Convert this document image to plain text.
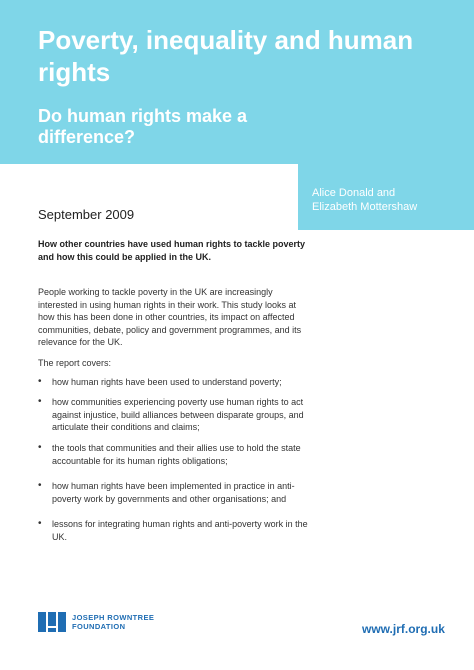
Poverty, inequality and human rights
Do human rights make a difference?
Alice Donald and
Elizabeth Mottershaw
September 2009
How other countries have used human rights to tackle poverty and how this could be applied in the UK.
People working to tackle poverty in the UK are increasingly interested in using human rights in their work. This study looks at how this has been done in other countries, its impact on affected communities, debate, policy and government programmes, and its relevance for the UK.
The report covers:
• how human rights have been used to understand poverty;
• how communities experiencing poverty use human rights to act against injustice, build alliances between disparate groups, and articulate their conditions and claims;
• the tools that communities and their allies use to hold the state accountable for its human rights obligations;
• how human rights have been implemented in practice in anti-poverty work by governments and other organisations; and
• lessons for integrating human rights and anti-poverty work in the UK.
JOSEPH ROWNTREE
FOUNDATION	www.jrf.org.uk
